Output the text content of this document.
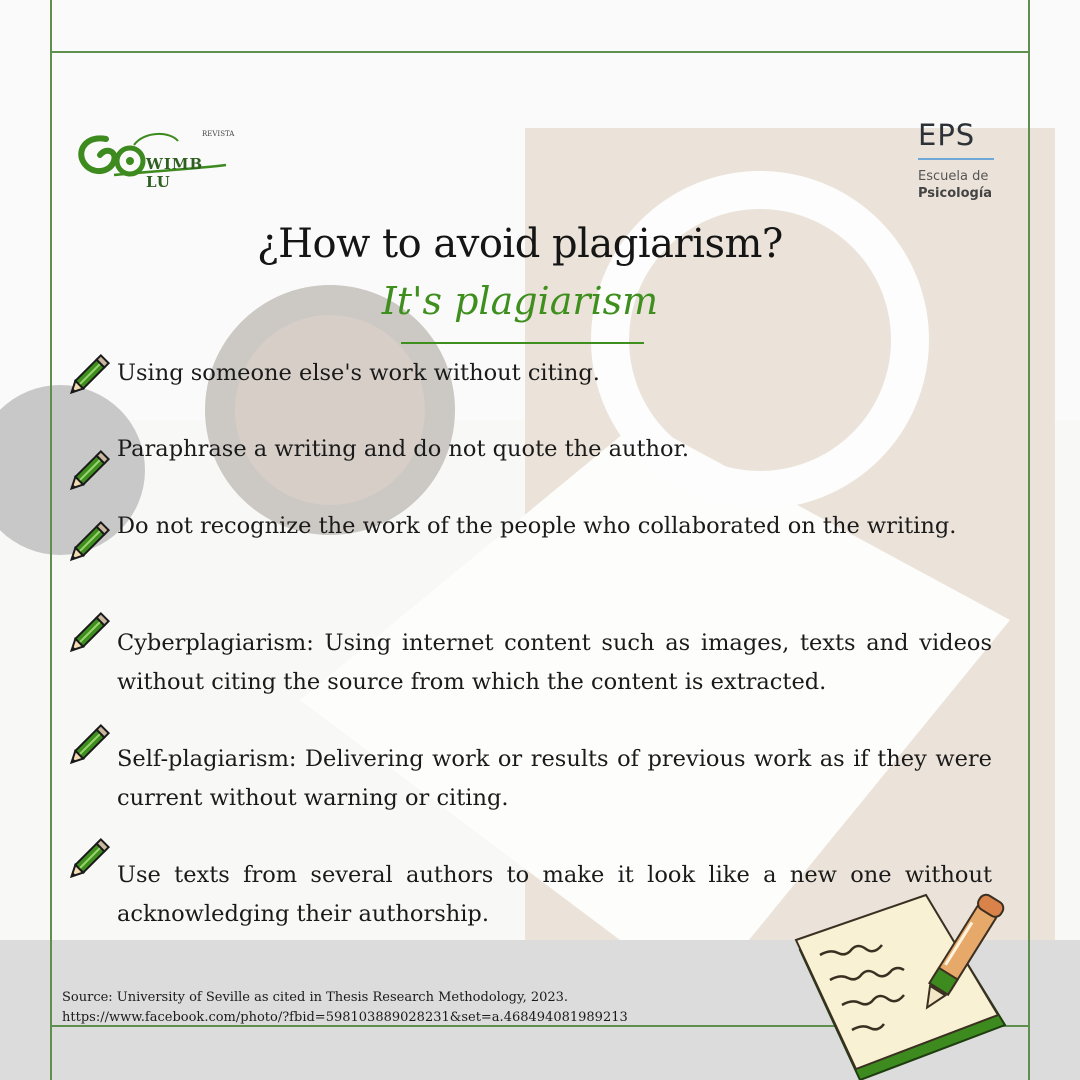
REVISTA
WIMB LU
EPS
Escuela de
Psicología
¿How to avoid plagiarism?
It's plagiarism
Using someone else's work without citing.
Paraphrase a writing and do not quote the author.
Do not recognize the work of the people who collaborated on the writing.
Cyberplagiarism: Using internet content such as images, texts and videos without citing the source from which the content is extracted.
Self-plagiarism: Delivering work or results of previous work as if they were current without warning or citing.
Use texts from several authors to make it look like a new one without acknowledging their authorship.
Source: University of Seville as cited in Thesis Research Methodology, 2023.
https://www.facebook.com/photo/?fbid=598103889028231&set=a.468494081989213
